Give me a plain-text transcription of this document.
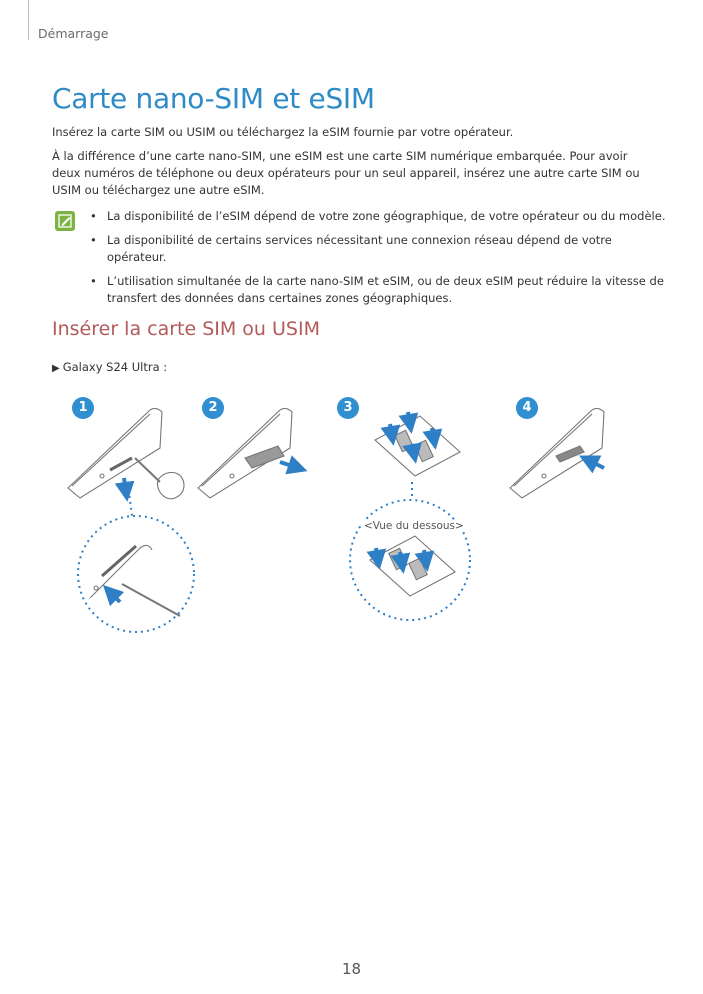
Démarrage
Carte nano-SIM et eSIM

Insérez la carte SIM ou USIM ou téléchargez la eSIM fournie par votre opérateur.

À la différence d’une carte nano-SIM, une eSIM est une carte SIM numérique embarquée. Pour avoir deux numéros de téléphone ou deux opérateurs pour un seul appareil, insérez une autre carte SIM ou USIM ou téléchargez une autre eSIM.

• La disponibilité de l’eSIM dépend de votre zone géographique, de votre opérateur ou du modèle.
• La disponibilité de certains services nécessitant une connexion réseau dépend de votre opérateur.
• L’utilisation simultanée de la carte nano-SIM et eSIM, ou de deux eSIM peut réduire la vitesse de transfert des données dans certaines zones géographiques.
Insérer la carte SIM ou USIM
▶ Galaxy S24 Ultra :
1	2	3	4
<Vue du dessous>
18
